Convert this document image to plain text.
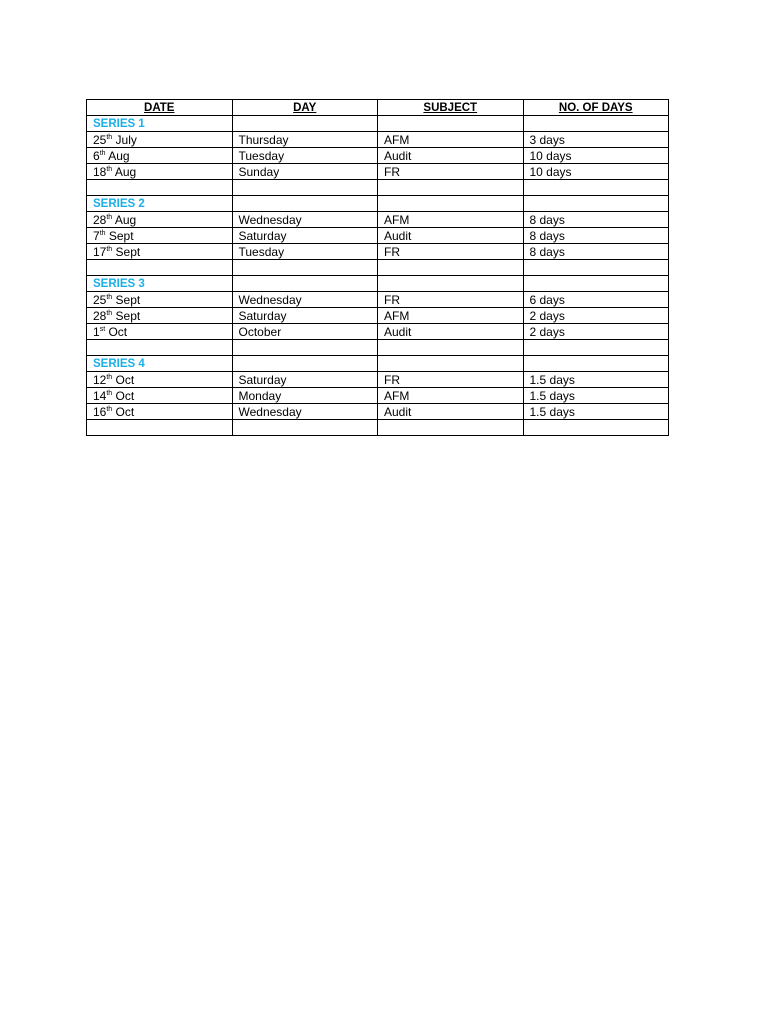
DATE	DAY	SUBJECT	NO. OF DAYS
SERIES 1			
25th July	Thursday	AFM	3 days
6th Aug	Tuesday	Audit	10 days
18th Aug	Sunday	FR	10 days

SERIES 2			
28th Aug	Wednesday	AFM	8 days
7th Sept	Saturday	Audit	8 days
17th Sept	Tuesday	FR	8 days

SERIES 3			
25th Sept	Wednesday	FR	6 days
28th Sept	Saturday	AFM	2 days
1st Oct	October	Audit	2 days

SERIES 4			
12th Oct	Saturday	FR	1.5 days
14th Oct	Monday	AFM	1.5 days
16th Oct	Wednesday	Audit	1.5 days
